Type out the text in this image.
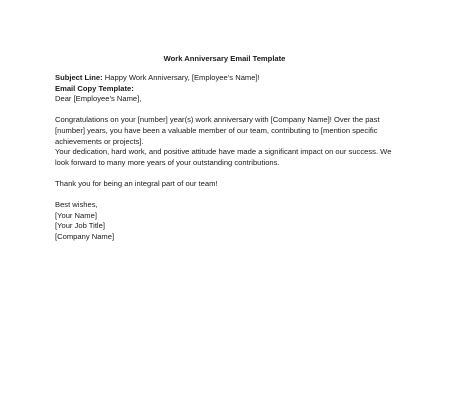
Work Anniversary Email Template

Subject Line: Happy Work Anniversary, [Employee’s Name]!

Email Copy Template:

Dear [Employee’s Name],

Congratulations on your [number] year(s) work anniversary with [Company Name]! Over the past

[number] years, you have been a valuable member of our team, contributing to [mention specific

achievements or projects].

Your dedication, hard work, and positive attitude have made a significant impact on our success. We

look forward to many more years of your outstanding contributions.

Thank you for being an integral part of our team!

Best wishes,

[Your Name]

[Your Job Title]

[Company Name]
